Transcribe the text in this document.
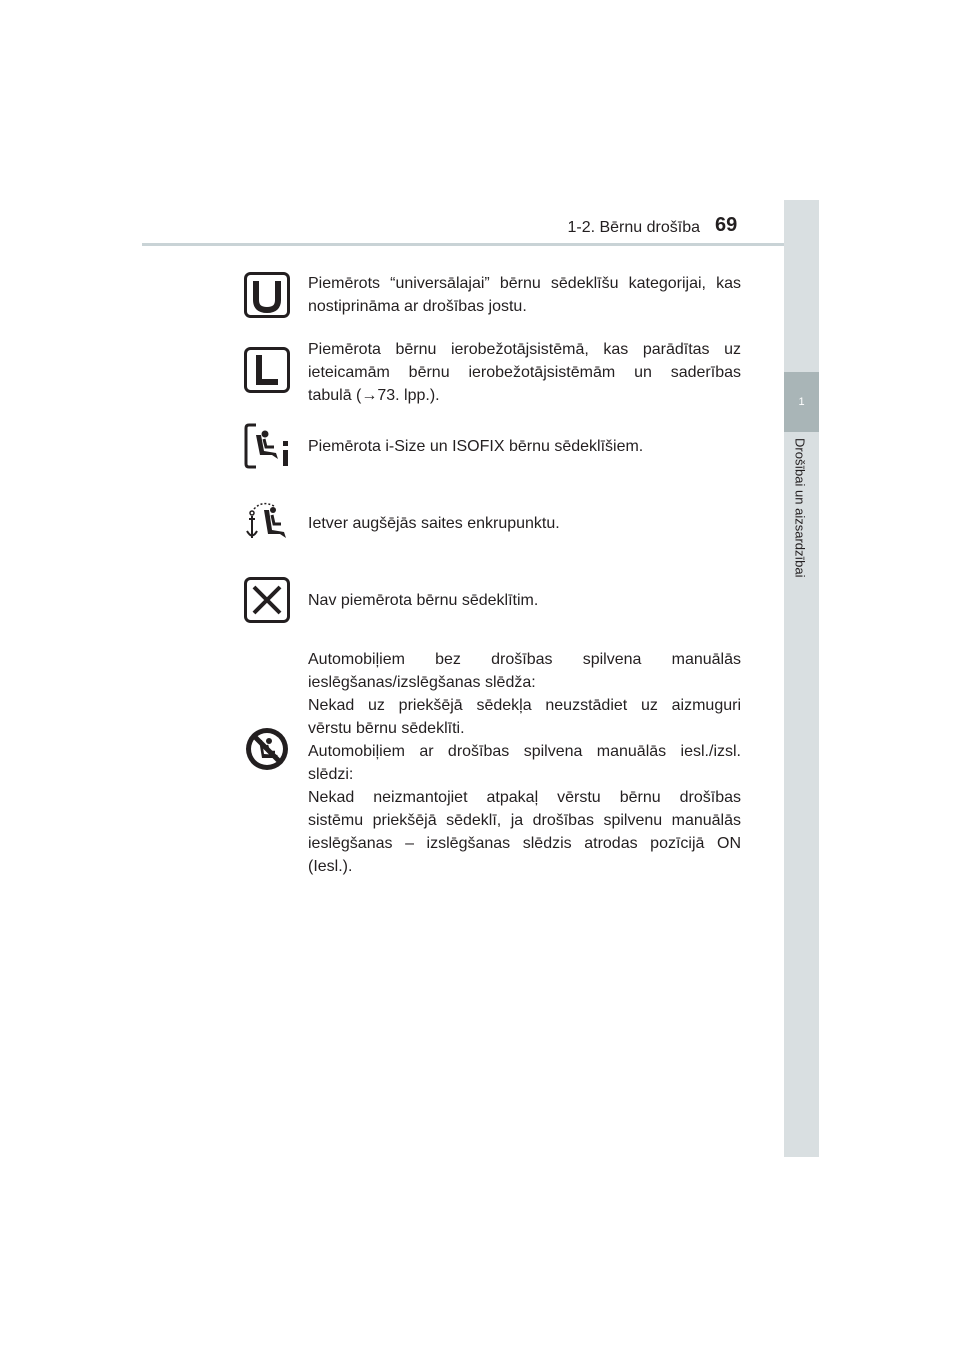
1-2. Bērnu drošība 69
1
Drošībai un aizsardzībai
Piemērots “universālajai” bērnu sēdeklīšu kategorijai, kas
nostiprināma ar drošības jostu.
Piemērota bērnu ierobežotājsistēmā, kas parādītas uz
ieteicamām bērnu ierobežotājsistēmām un saderības
tabulā (→73. lpp.).
Piemērota i-Size un ISOFIX bērnu sēdeklīšiem.
Ietver augšējās saites enkrupunktu.
Nav piemērota bērnu sēdeklītim.
Automobiļiem bez drošības spilvena manuālās
ieslēgšanas/izslēgšanas slēdža:
Nekad uz priekšējā sēdekļa neuzstādiet uz aizmuguri
vērstu bērnu sēdeklīti.
Automobiļiem ar drošības spilvena manuālās iesl./izsl.
slēdzi:
Nekad neizmantojiet atpakaļ vērstu bērnu drošības
sistēmu priekšējā sēdeklī, ja drošības spilvenu manuālās
ieslēgšanas – izslēgšanas slēdzis atrodas pozīcijā ON
(Iesl.).
